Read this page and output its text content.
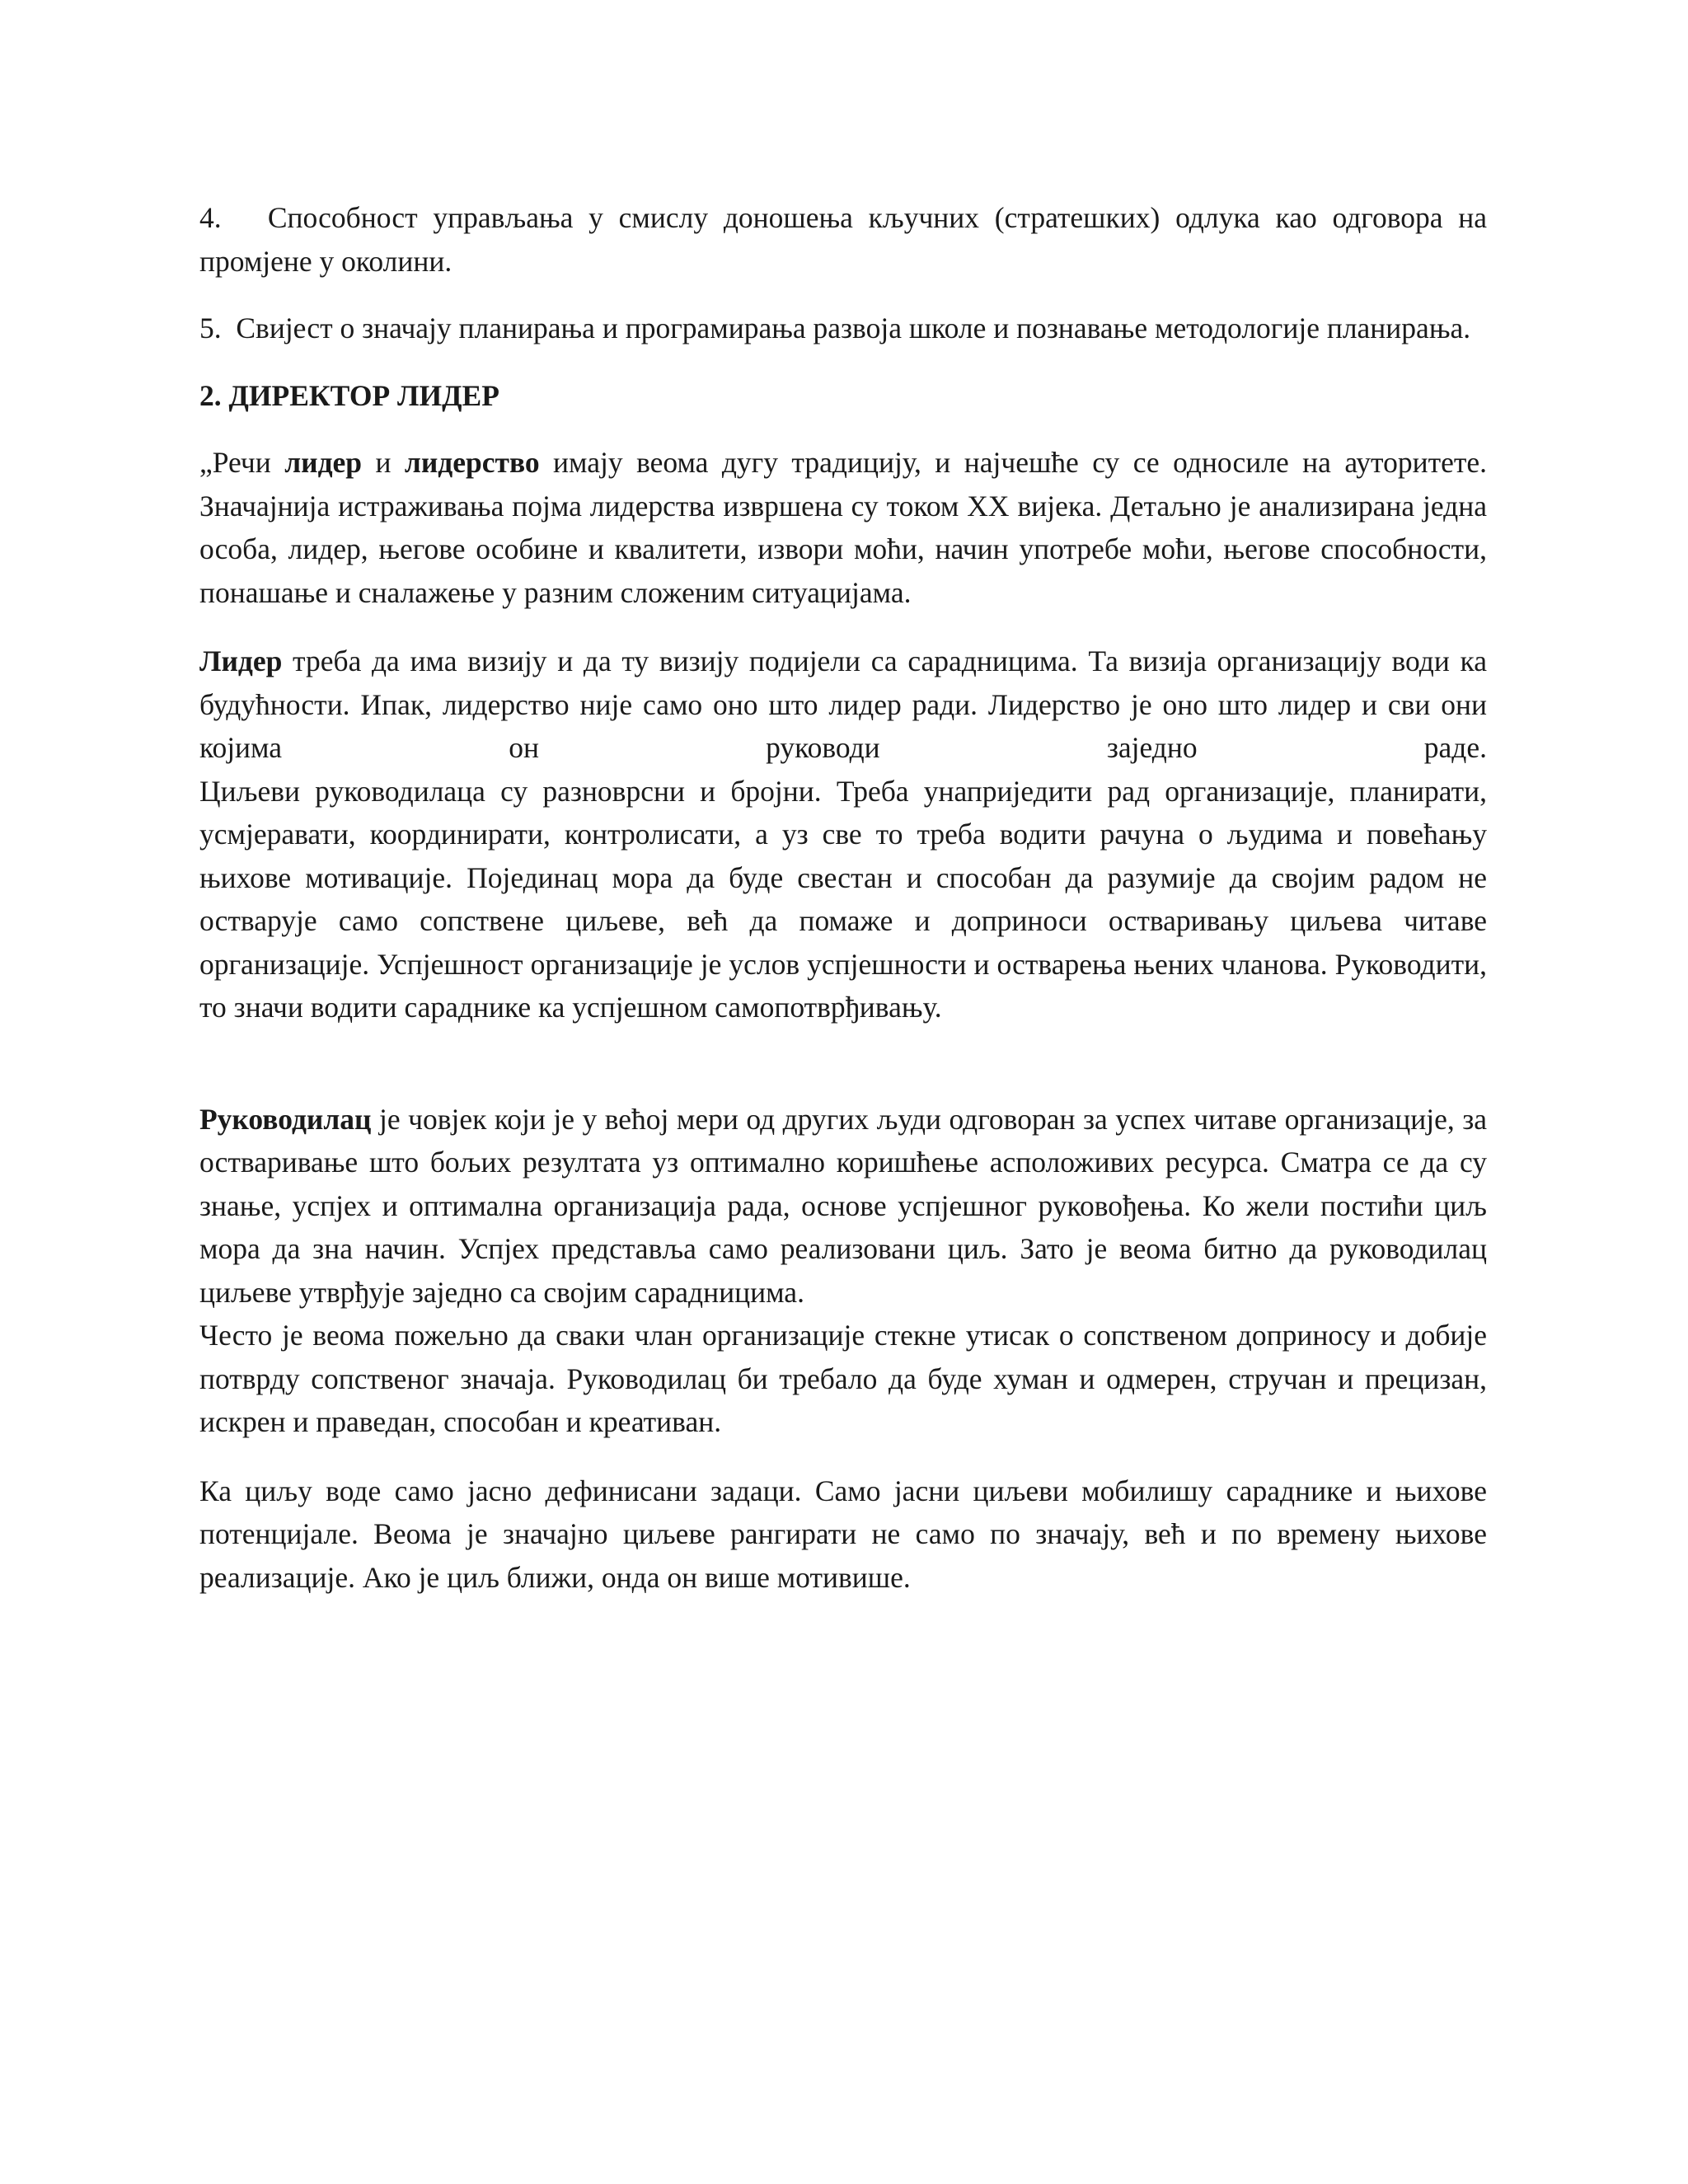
4. Способност управљања у смислу доношења кључних (стратешких) одлука као одговора на промјене у околини.

5. Свијест о значају планирања и програмирања развоја школе и познавање методологије планирања.

2. ДИРЕКТОР ЛИДЕР

„Речи лидер и лидерство имају веома дугу традицију, и најчешће су се односиле на ауторитете. Значајнија истраживања појма лидерства извршена су током XX вијека. Детаљно је анализирана једна особа, лидер, његове особине и квалитети, извори моћи, начин употребе моћи, његове способности, понашање и сналажење у разним сложеним ситуацијама.

Лидер треба да има визију и да ту визију подијели са сарадницима. Та визија организацију води ка будућности. Ипак, лидерство није само оно што лидер ради. Лидерство је оно што лидер и сви они којима он руководи заједно раде.
Циљеви руководилаца су разноврсни и бројни. Треба унаприједити рад организације, планирати, усмјеравати, координирати, контролисати, а уз све то треба водити рачуна о људима и повећању њихове мотивације. Појединац мора да буде свестан и способан да разумије да својим радом не остварује само сопствене циљеве, већ да помаже и доприноси остваривању циљева читаве организације. Успјешност организације је услов успјешности и остварења њених чланова. Руководити, то значи водити сараднике ка успјешном самопотврђивању.

Руководилац је човјек који је у већој мери од других људи одговоран за успех читаве организације, за остваривање што бољих резултата уз оптимално коришћење асположивих ресурса. Сматра се да су знање, успјех и оптимална организација рада, основе успјешног руковођења. Ко жели постићи циљ мора да зна начин. Успјех представља само реализовани циљ. Зато је веома битно да руководилац циљеве утврђује заједно са својим сарадницима.

Често је веома пожељно да сваки члан организације стекне утисак о сопственом доприносу и добије потврду сопственог значаја. Руководилац би требало да буде хуман и одмерен, стручан и прецизан, искрен и праведан, способан и креативан.

Ка циљу воде само јасно дефинисани задаци. Само јасни циљеви мобилишу сараднике и њихове потенцијале. Веома је значајно циљеве рангирати не само по значају, већ и по времену њихове реализације. Ако је циљ ближи, онда он више мотивише.
